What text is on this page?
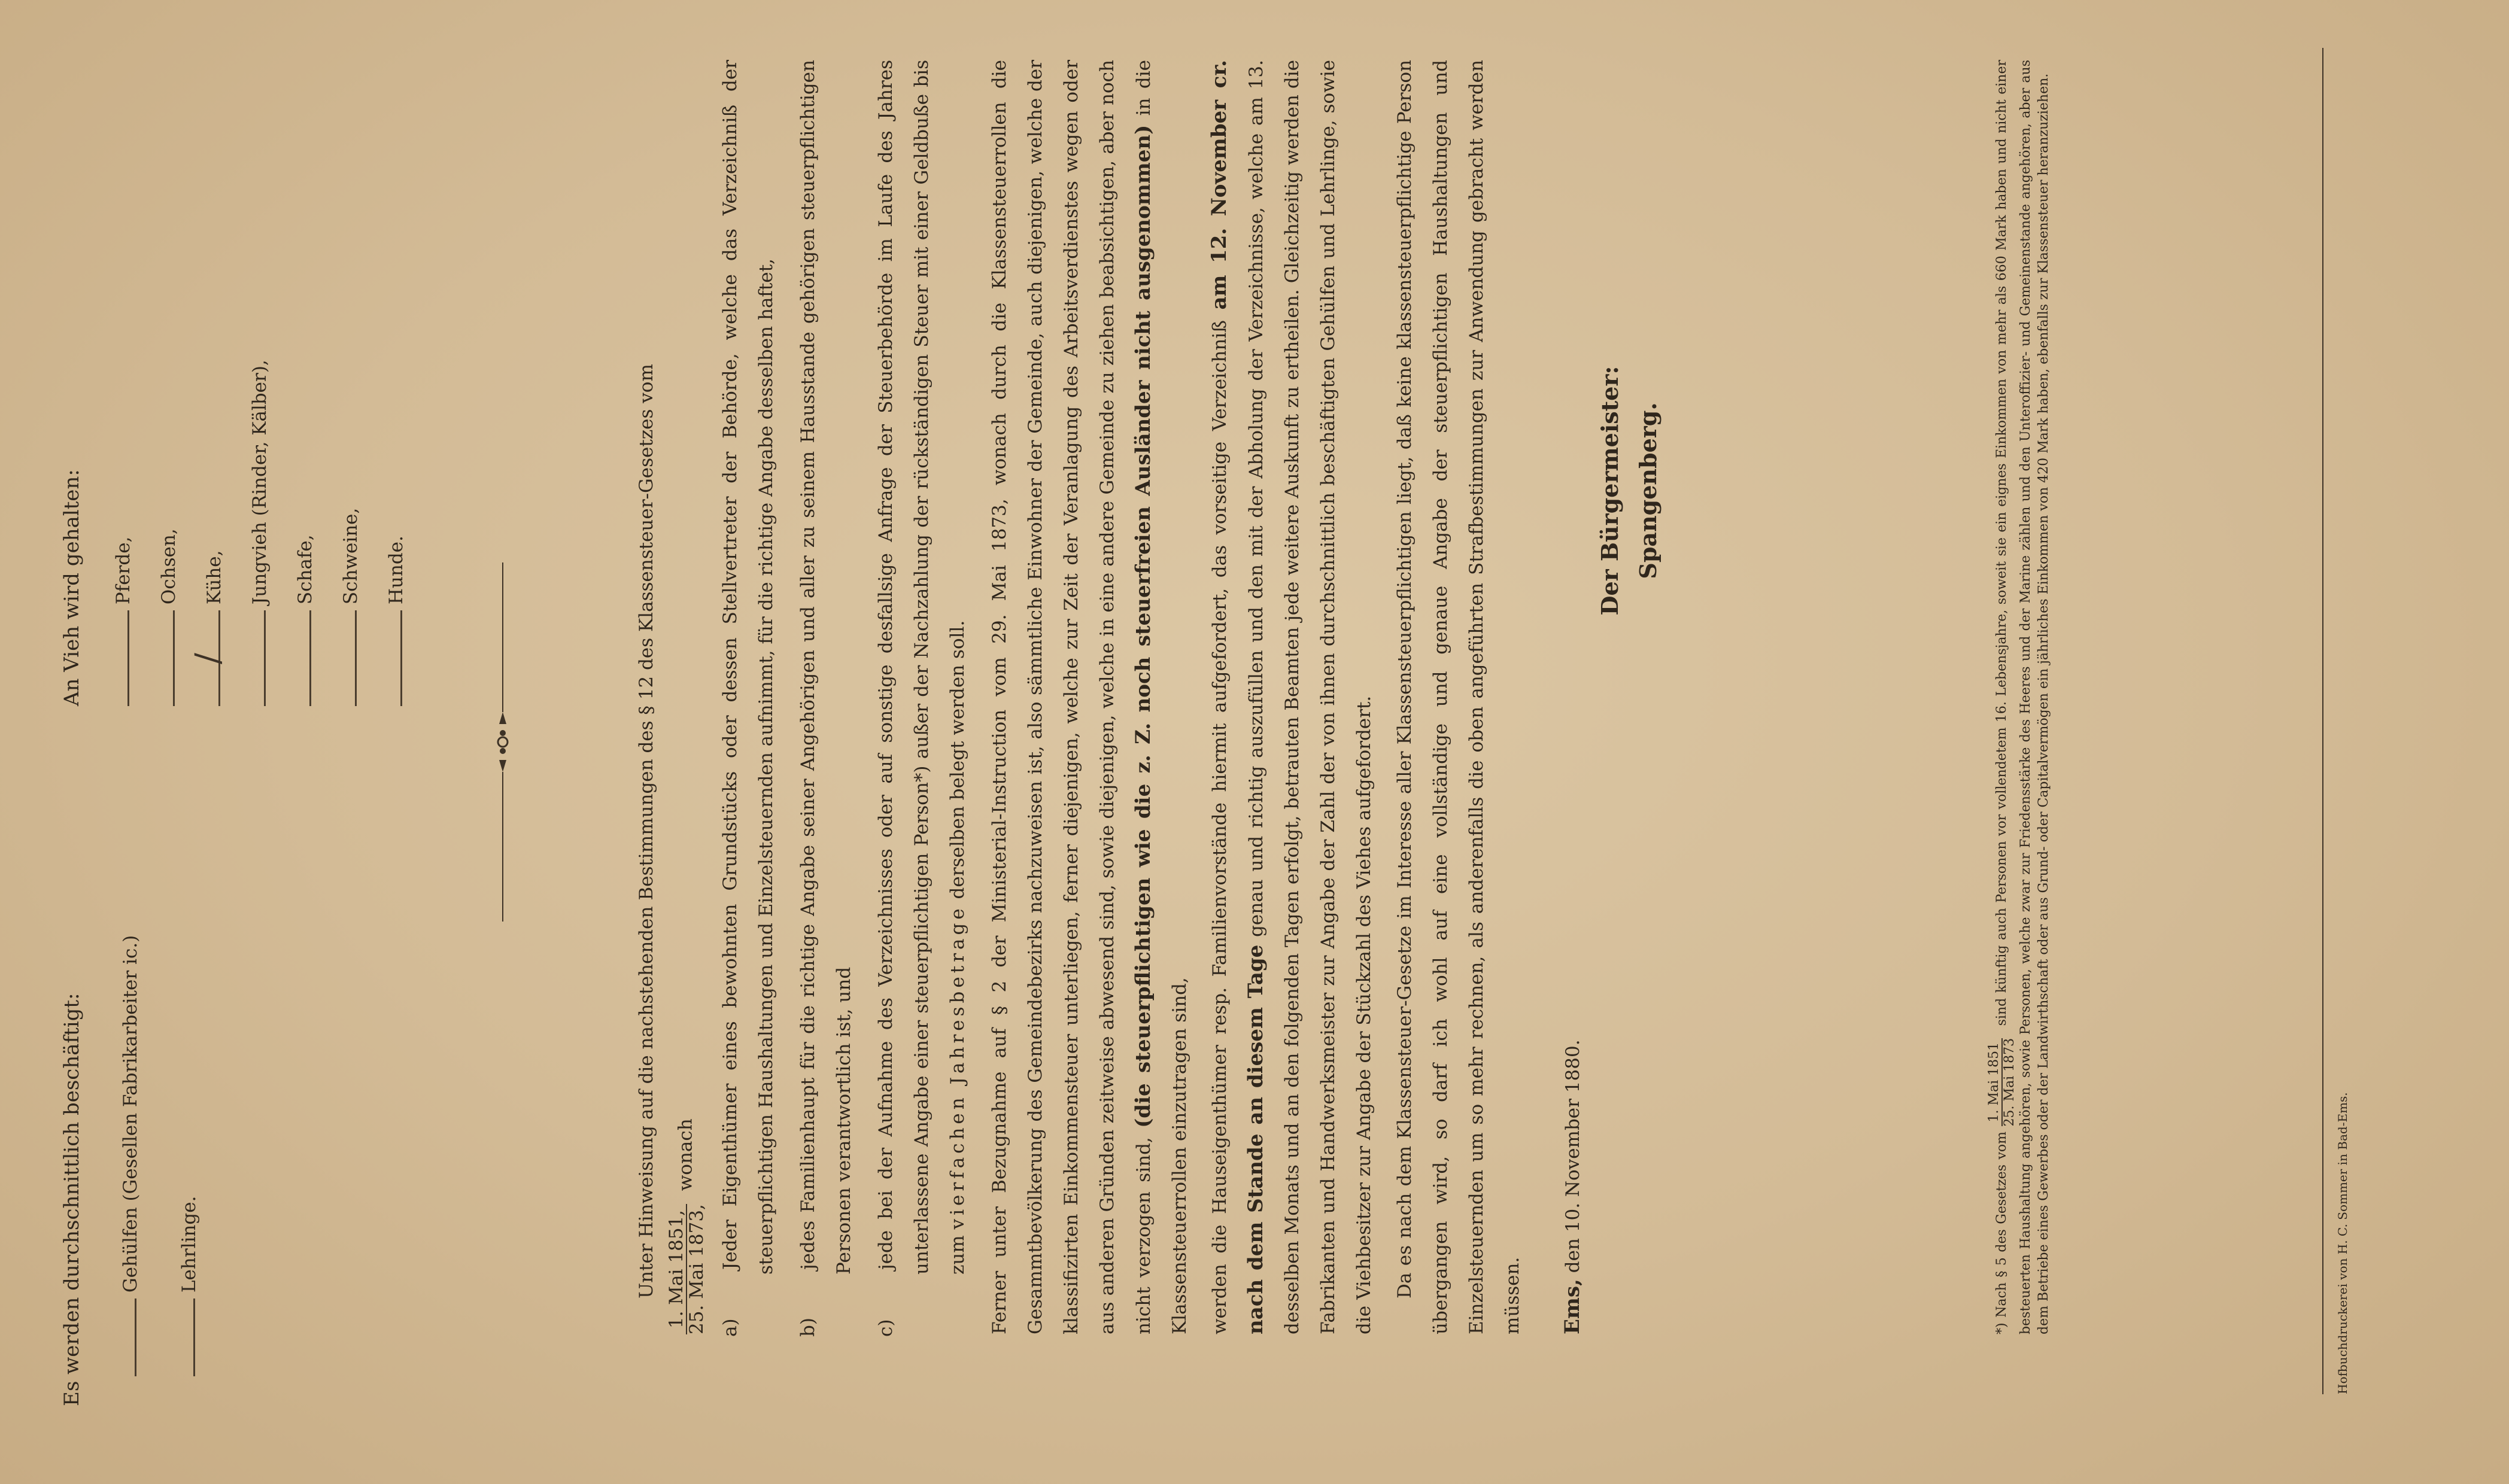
Es werden durchschnittlich beschäftigt:	Gehülfen (Gesellen Fabrikarbeiter ic.)	Lehrlinge.

An Vieh wird gehalten:	Pferde,	Ochsen,

/
Kühe,	Jungvieh (Rinder, Kälber),	Schafe,	Schweine,	Hunde.	Unter Hinweisung auf die nachstehenden Bestimmungen des § 12 des Klassensteuer-Gesetzes vom 1. Mai 1851,
25. Mai 1873,
wonach

a)Jeder Eigenthümer eines bewohnten Grundstücks oder dessen Stellvertreter der Behörde, welche das Verzeichniß der steuerpflichtigen Haushaltungen und Einzelsteuernden aufnimmt, für die richtige Angabe desselben haftet,

b)jedes Familienhaupt für die richtige Angabe seiner Angehörigen und aller zu seinem Hausstande gehörigen steuerpflichtigen Personen verantwortlich ist, und

c)jede bei der Aufnahme des Verzeichnisses oder auf sonstige desfallsige Anfrage der Steuerbehörde im Laufe des Jahres unterlassene Angabe einer steuerpflichtigen Person*) außer der Nachzahlung der rückständigen Steuer mit einer Geldbuße bis zum vierfachen Jahresbetrage derselben belegt werden soll.	Ferner unter Bezugnahme auf § 2 der Ministerial-Instruction vom 29. Mai 1873, wonach durch die Klassensteuerrollen die Gesammtbevölkerung des Gemeindebezirks nachzuweisen ist, also sämmtliche Einwohner der Gemeinde, auch diejenigen, welche der klassifizirten Einkommensteuer unterliegen, ferner diejenigen, welche zur Zeit der Veranlagung des Arbeitsverdienstes wegen oder aus anderen Gründen zeitweise abwesend sind, sowie diejenigen, welche in eine andere Gemeinde zu ziehen beabsichtigen, aber noch nicht verzogen sind, (die steuerpflichtigen wie die z. Z. noch steuerfreien Ausländer nicht ausgenommen) in die Klassensteuerrollen einzutragen sind,	werden die Hauseigenthümer resp. Familienvorstände hiermit aufgefordert, das vorseitige Verzeichniß am 12. November cr. nach dem Stande an diesem Tage genau und richtig auszufüllen und den mit der Abholung der Verzeichnisse, welche am 13. desselben Monats und an den folgenden Tagen erfolgt, betrauten Beamten jede weitere Auskunft zu ertheilen. Gleichzeitig werden die Fabrikanten und Handwerksmeister zur Angabe der Zahl der von ihnen durchschnittlich beschäftigten Gehülfen und Lehrlinge, sowie die Viehbesitzer zur Angabe der Stückzahl des Viehes aufgefordert.	Da es nach dem Klassensteuer-Gesetze im Interesse aller Klassensteuerpflichtigen liegt, daß keine klassensteuerpflichtige Person übergangen wird, so darf ich wohl auf eine vollständige und genaue Angabe der steuerpflichtigen Haushaltungen und Einzelsteuernden um so mehr rechnen, als anderenfalls die oben angeführten Strafbestimmungen zur Anwendung gebracht werden müssen.	Ems, den 10. November 1880.

Der Bürgermeister: Spangenberg.

*) Nach § 5 des Gesetzes vom
1. Mai 1851 25. Mai 1873
sind künftig auch Personen vor vollendetem 16. Lebensjahre, soweit sie ein eignes Einkommen von mehr als 660 Mark haben und nicht einer besteuerten Haushaltung angehören, sowie Personen, welche zwar zur Friedensstärke des Heeres und der Marine zählen und den Unteroffizier- und Gemeinenstande angehören, aber aus dem Betriebe eines Gewerbes oder der Landwirthschaft oder aus Grund- oder Capitalvermögen ein jährliches Einkommen von 420 Mark haben, ebenfalls zur Klassensteuer heranzuziehen.	Hofbuchdruckerei von H. C. Sommer in Bad-Ems.
